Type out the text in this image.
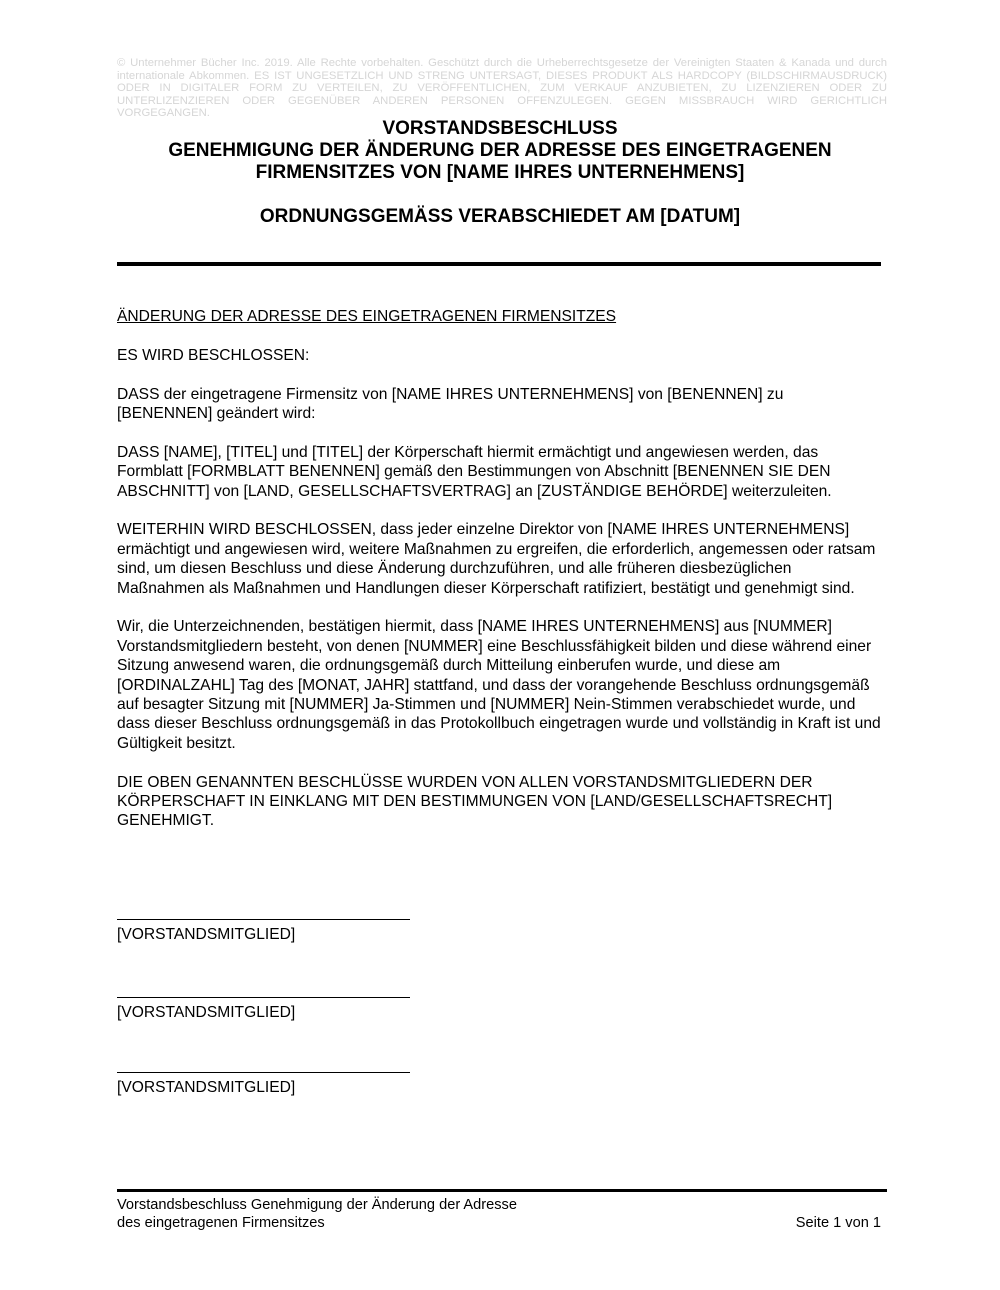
© Unternehmer Bücher Inc. 2019. Alle Rechte vorbehalten. Geschützt durch die Urheberrechtsgesetze der Vereinigten Staaten & Kanada und durch internationale Abkommen. ES IST UNGESETZLICH UND STRENG UNTERSAGT, DIESES PRODUKT ALS HARDCOPY (BILDSCHIRMAUSDRUCK) ODER IN DIGITALER FORM ZU VERTEILEN, ZU VERÖFFENTLICHEN, ZUM VERKAUF ANZUBIETEN, ZU LIZENZIEREN ODER ZU UNTERLIZENZIEREN ODER GEGENÜBER ANDEREN PERSONEN OFFENZULEGEN. GEGEN MISSBRAUCH WIRD GERICHTLICH VORGEGANGEN.

VORSTANDSBESCHLUSS
GENEHMIGUNG DER ÄNDERUNG DER ADRESSE DES EINGETRAGENEN
FIRMENSITZES VON [NAME IHRES UNTERNEHMENS]
ORDNUNGSGEMÄSS VERABSCHIEDET AM [DATUM]

ÄNDERUNG DER ADRESSE DES EINGETRAGENEN FIRMENSITZES

ES WIRD BESCHLOSSEN:

DASS der eingetragene Firmensitz von [NAME IHRES UNTERNEHMENS] von [BENENNEN] zu [BENENNEN] geändert wird:

DASS [NAME], [TITEL] und [TITEL] der Körperschaft hiermit ermächtigt und angewiesen werden, das Formblatt [FORMBLATT BENENNEN] gemäß den Bestimmungen von Abschnitt [BENENNEN SIE DEN ABSCHNITT] von [LAND, GESELLSCHAFTSVERTRAG] an [ZUSTÄNDIGE BEHÖRDE] weiterzuleiten.

WEITERHIN WIRD BESCHLOSSEN, dass jeder einzelne Direktor von [NAME IHRES UNTERNEHMENS] ermächtigt und angewiesen wird, weitere Maßnahmen zu ergreifen, die erforderlich, angemessen oder ratsam sind, um diesen Beschluss und diese Änderung durchzuführen, und alle früheren diesbezüglichen Maßnahmen als Maßnahmen und Handlungen dieser Körperschaft ratifiziert, bestätigt und genehmigt sind.

Wir, die Unterzeichnenden, bestätigen hiermit, dass [NAME IHRES UNTERNEHMENS] aus [NUMMER] Vorstandsmitgliedern besteht, von denen [NUMMER] eine Beschlussfähigkeit bilden und diese während einer Sitzung anwesend waren, die ordnungsgemäß durch Mitteilung einberufen wurde, und diese am [ORDINALZAHL] Tag des [MONAT, JAHR] stattfand, und dass der vorangehende Beschluss ordnungsgemäß auf besagter Sitzung mit [NUMMER] Ja-Stimmen und [NUMMER] Nein-Stimmen verabschiedet wurde, und dass dieser Beschluss ordnungsgemäß in das Protokollbuch eingetragen wurde und vollständig in Kraft ist und Gültigkeit besitzt.

DIE OBEN GENANNTEN BESCHLÜSSE WURDEN VON ALLEN VORSTANDSMITGLIEDERN DER KÖRPERSCHAFT IN EINKLANG MIT DEN BESTIMMUNGEN VON [LAND/GESELLSCHAFTSRECHT] GENEHMIGT.

[VORSTANDSMITGLIED]
[VORSTANDSMITGLIED]
[VORSTANDSMITGLIED]
Vorstandsbeschluss Genehmigung der Änderung der Adresse
des eingetragenen Firmensitzes	Seite 1 von 1
